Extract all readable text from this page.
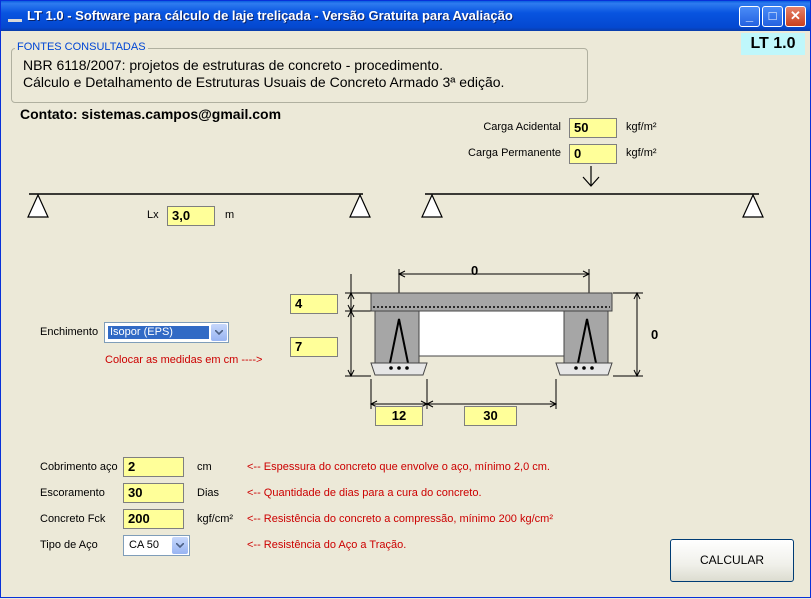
LT 1.0 - Software para cálculo de laje treliçada - Versão Gratuita para Avaliação	_	□	✕
LT 1.0
FONTES CONSULTADAS
NBR 6118/2007: projetos de estruturas de concreto - procedimento.
Cálculo e Detalhamento de Estruturas Usuais de Concreto Armado 3ª edição.
Contato: sistemas.campos@gmail.com
Carga Acidental	50	kgf/m²
Carga Permanente	0	kgf/m²
Lx	3,0	m
0
0
4
7
12	30
Enchimento Isopor (EPS)
Colocar as medidas em cm ---->
Cobrimento aço 2	cm	<-- Espessura do concreto que envolve o aço, mínimo 2,0 cm.
Escoramento	30	Dias	<-- Quantidade de dias para a cura do concreto.
Concreto Fck	200	kgf/cm² <-- Resistência do concreto a compressão, mínimo 200 kg/cm²
Tipo de Aço	CA 50	<-- Resistência do Aço a Tração.
CALCULAR
